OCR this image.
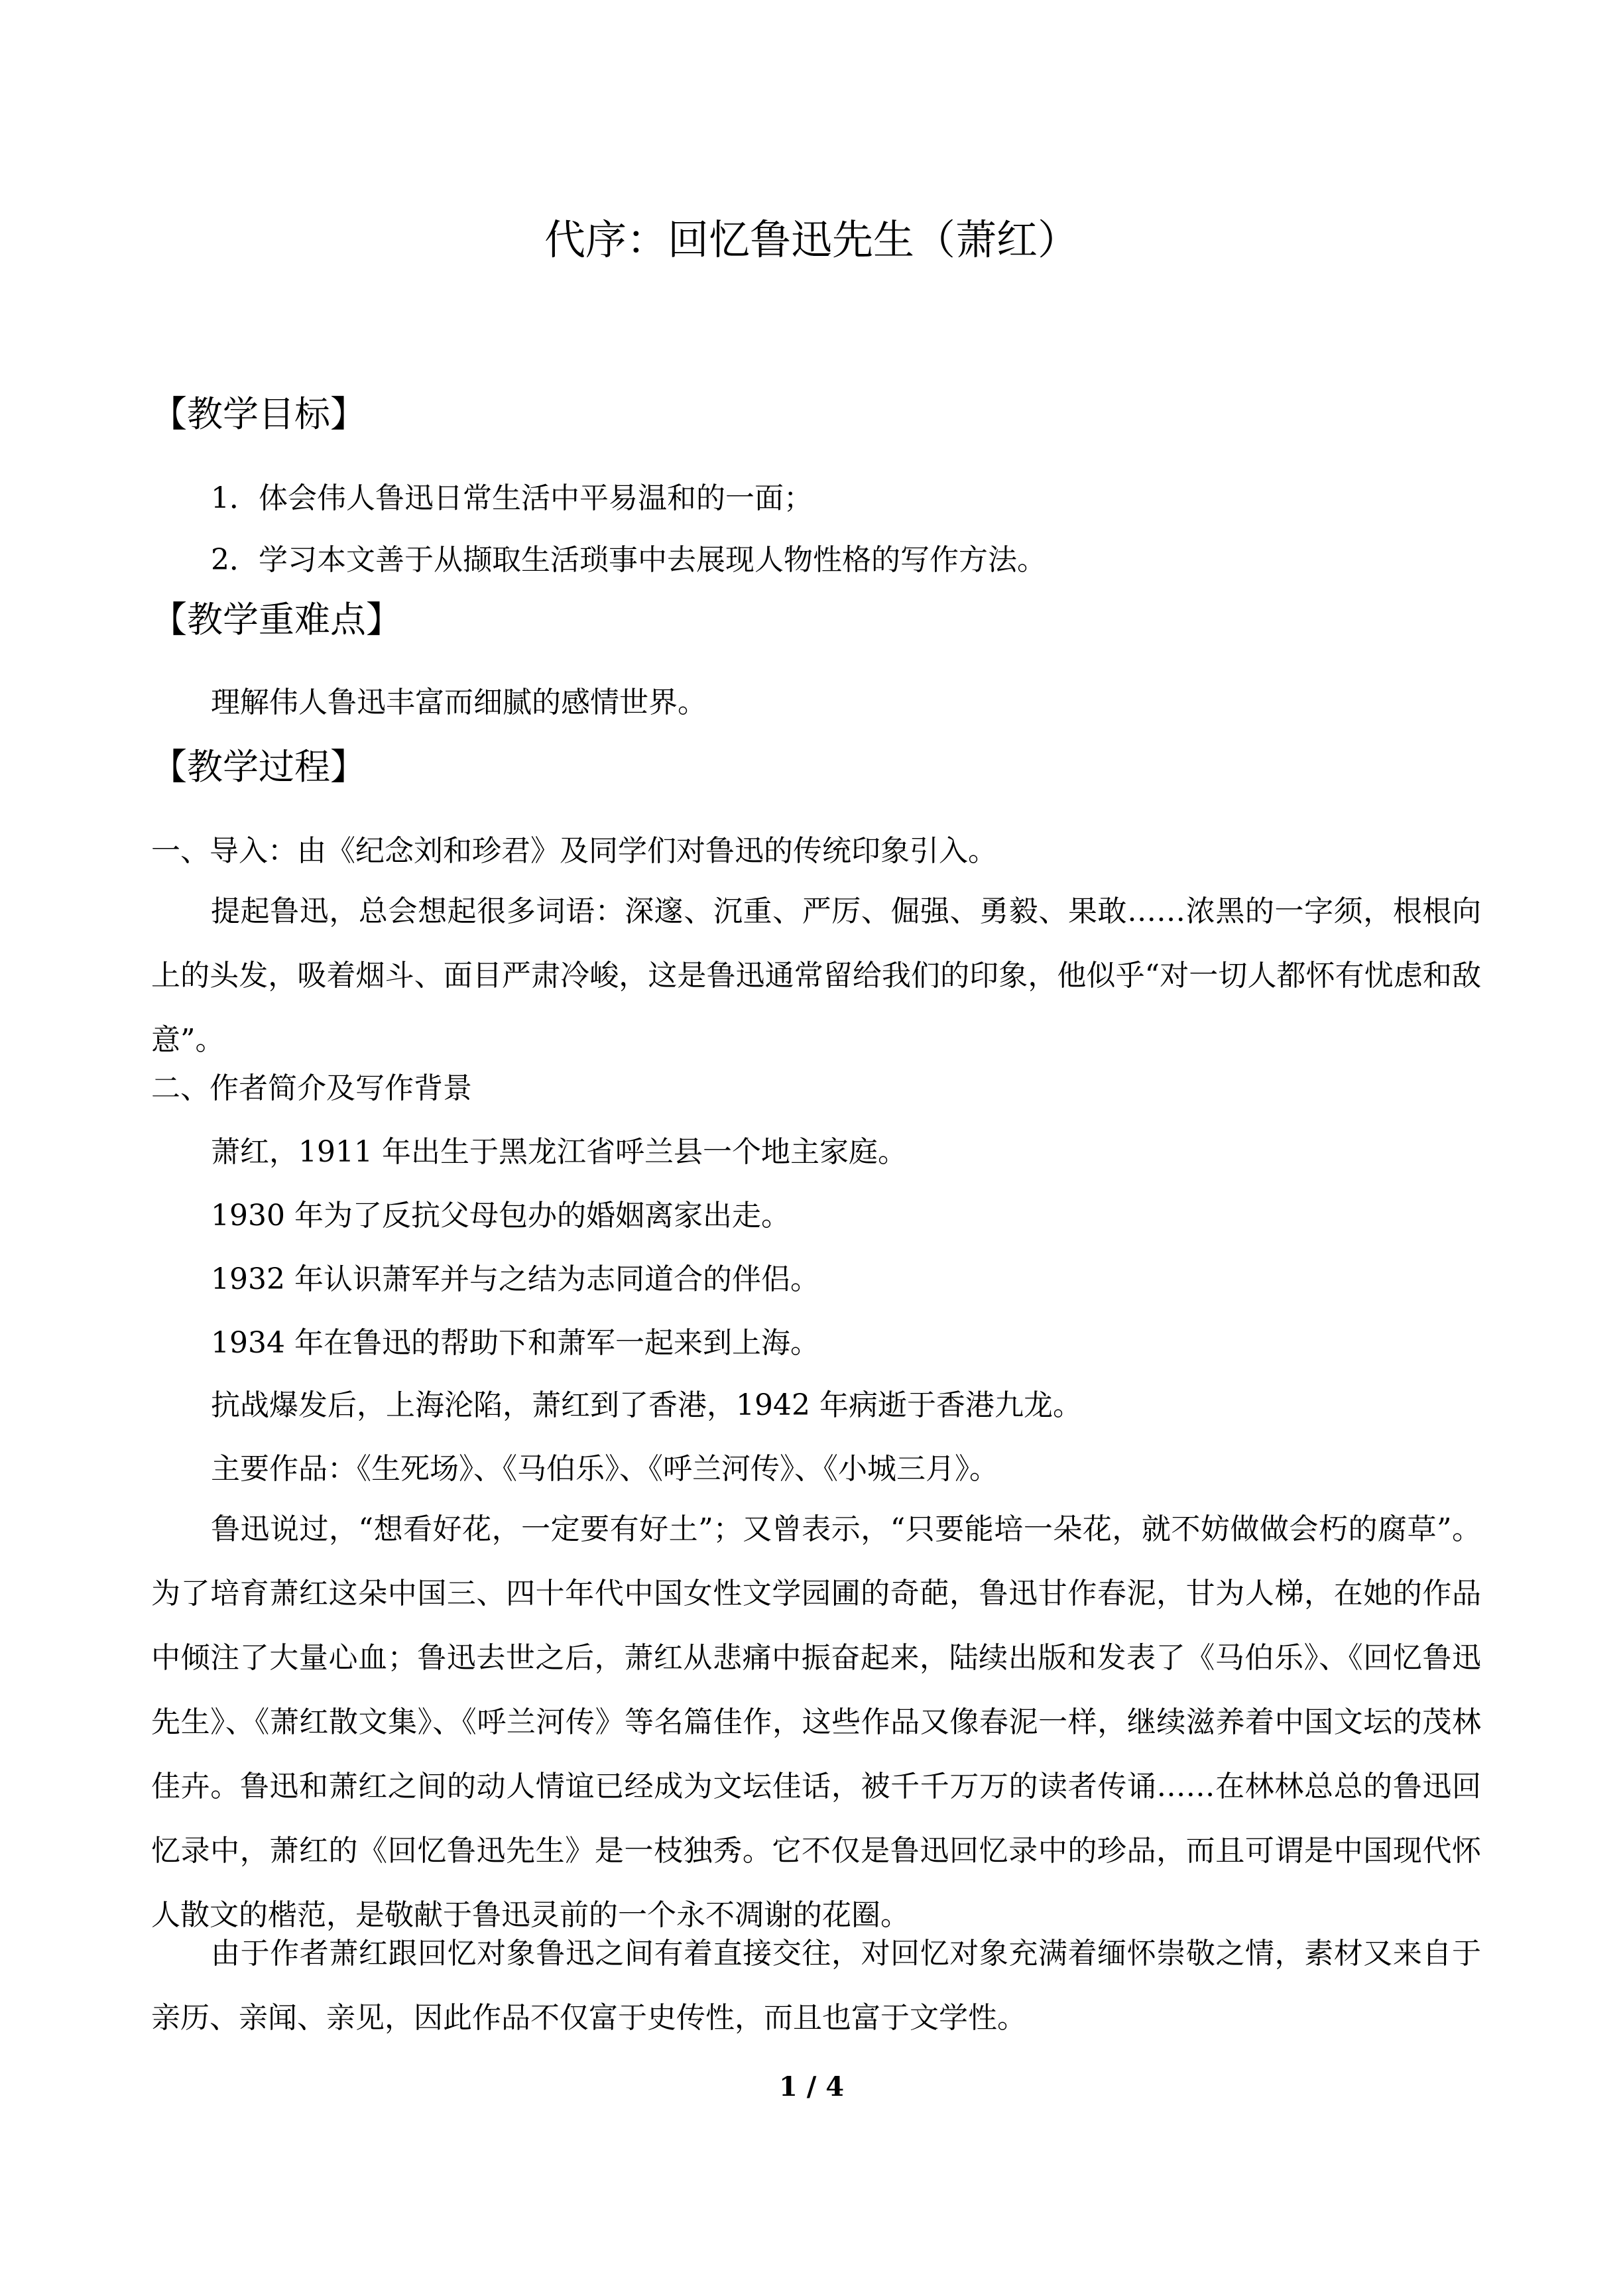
代序：回忆鲁迅先生（萧红）
【教学目标】
1．体会伟人鲁迅日常生活中平易温和的一面；
2．学习本文善于从撷取生活琐事中去展现人物性格的写作方法。
【教学重难点】
理解伟人鲁迅丰富而细腻的感情世界。
【教学过程】
一、导入：由《纪念刘和珍君》及同学们对鲁迅的传统印象引入。
提起鲁迅，总会想起很多词语：深邃、沉重、严厉、倔强、勇毅、果敢……浓黑的一字须，根根向上的头发，吸着烟斗、面目严肃冷峻，这是鲁迅通常留给我们的印象，他似乎“对一切人都怀有忧虑和敌意”。
二、作者简介及写作背景
萧红，1911 年出生于黑龙江省呼兰县一个地主家庭。
1930 年为了反抗父母包办的婚姻离家出走。
1932 年认识萧军并与之结为志同道合的伴侣。
1934 年在鲁迅的帮助下和萧军一起来到上海。
抗战爆发后，上海沦陷，萧红到了香港，1942 年病逝于香港九龙。
主要作品：《生死场》、《马伯乐》、《呼兰河传》、《小城三月》。
鲁迅说过，“想看好花，一定要有好土”；又曾表示，“只要能培一朵花，就不妨做做会朽的腐草”。为了培育萧红这朵中国三、四十年代中国女性文学园圃的奇葩，鲁迅甘作春泥，甘为人梯，在她的作品中倾注了大量心血；鲁迅去世之后，萧红从悲痛中振奋起来，陆续出版和发表了《马伯乐》、《回忆鲁迅先生》、《萧红散文集》、《呼兰河传》等名篇佳作，这些作品又像春泥一样，继续滋养着中国文坛的茂林佳卉。鲁迅和萧红之间的动人情谊已经成为文坛佳话，被千千万万的读者传诵……在林林总总的鲁迅回忆录中，萧红的《回忆鲁迅先生》是一枝独秀。它不仅是鲁迅回忆录中的珍品，而且可谓是中国现代怀人散文的楷范，是敬献于鲁迅灵前的一个永不凋谢的花圈。
由于作者萧红跟回忆对象鲁迅之间有着直接交往，对回忆对象充满着缅怀崇敬之情，素材又来自于亲历、亲闻、亲见，因此作品不仅富于史传性，而且也富于文学性。
1 / 4
